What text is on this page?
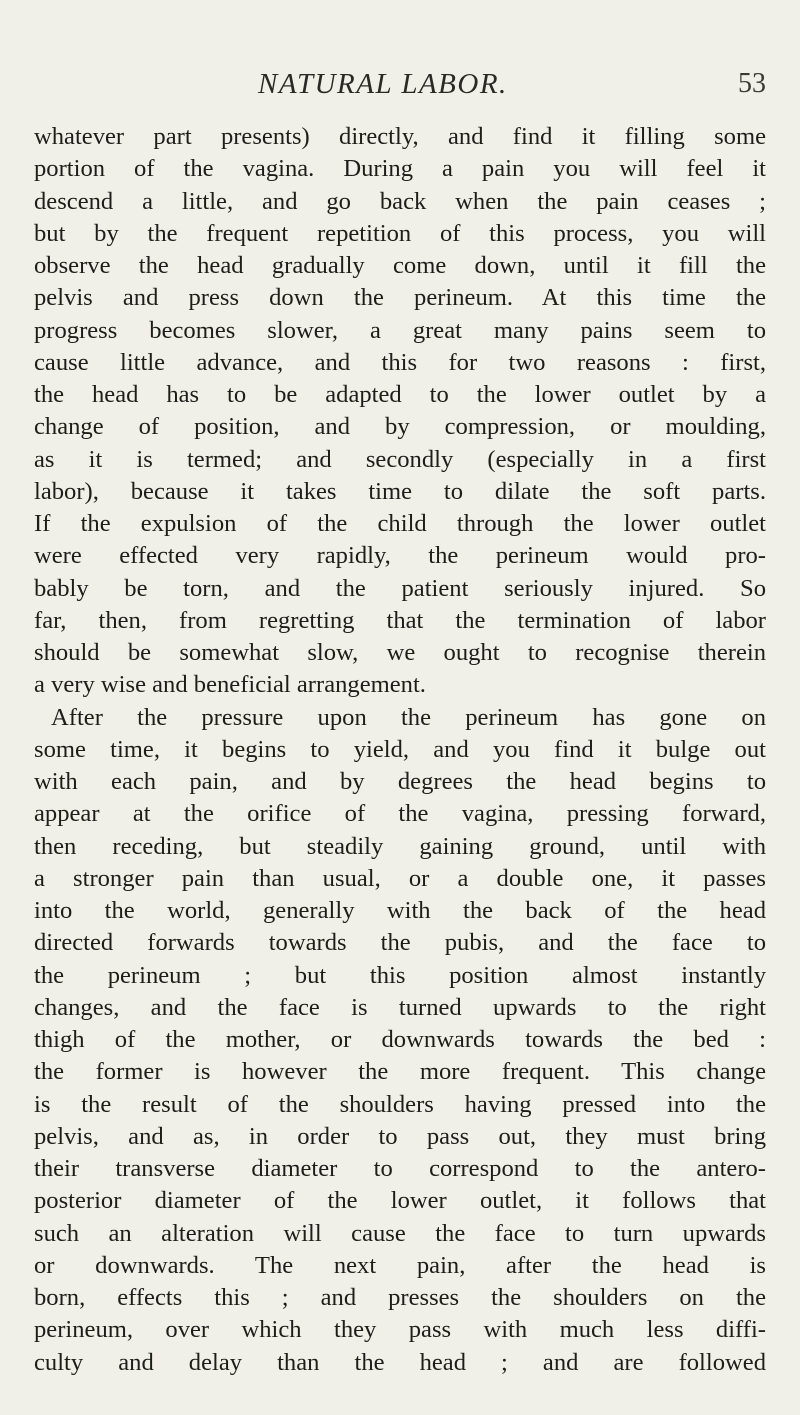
NATURAL LABOR.	53
whatever part presents) directly, and find it filling some
portion of the vagina. During a pain you will feel it
descend a little, and go back when the pain ceases ;
but by the frequent repetition of this process, you will
observe the head gradually come down, until it fill the
pelvis and press down the perineum. At this time the
progress becomes slower, a great many pains seem to
cause little advance, and this for two reasons : first,
the head has to be adapted to the lower outlet by a
change of position, and by compression, or moulding,
as it is termed; and secondly (especially in a first
labor), because it takes time to dilate the soft parts.
If the expulsion of the child through the lower outlet
were effected very rapidly, the perineum would pro-
bably be torn, and the patient seriously injured. So
far, then, from regretting that the termination of labor
should be somewhat slow, we ought to recognise therein
a very wise and beneficial arrangement.
After the pressure upon the perineum has gone on
some time, it begins to yield, and you find it bulge out
with each pain, and by degrees the head begins to
appear at the orifice of the vagina, pressing forward,
then receding, but steadily gaining ground, until with
a stronger pain than usual, or a double one, it passes
into the world, generally with the back of the head
directed forwards towards the pubis, and the face to
the perineum ; but this position almost instantly
changes, and the face is turned upwards to the right
thigh of the mother, or downwards towards the bed :
the former is however the more frequent. This change
is the result of the shoulders having pressed into the
pelvis, and as, in order to pass out, they must bring
their transverse diameter to correspond to the antero-
posterior diameter of the lower outlet, it follows that
such an alteration will cause the face to turn upwards
or downwards. The next pain, after the head is
born, effects this ; and presses the shoulders on the
perineum, over which they pass with much less diffi-
culty and delay than the head ; and are followed
